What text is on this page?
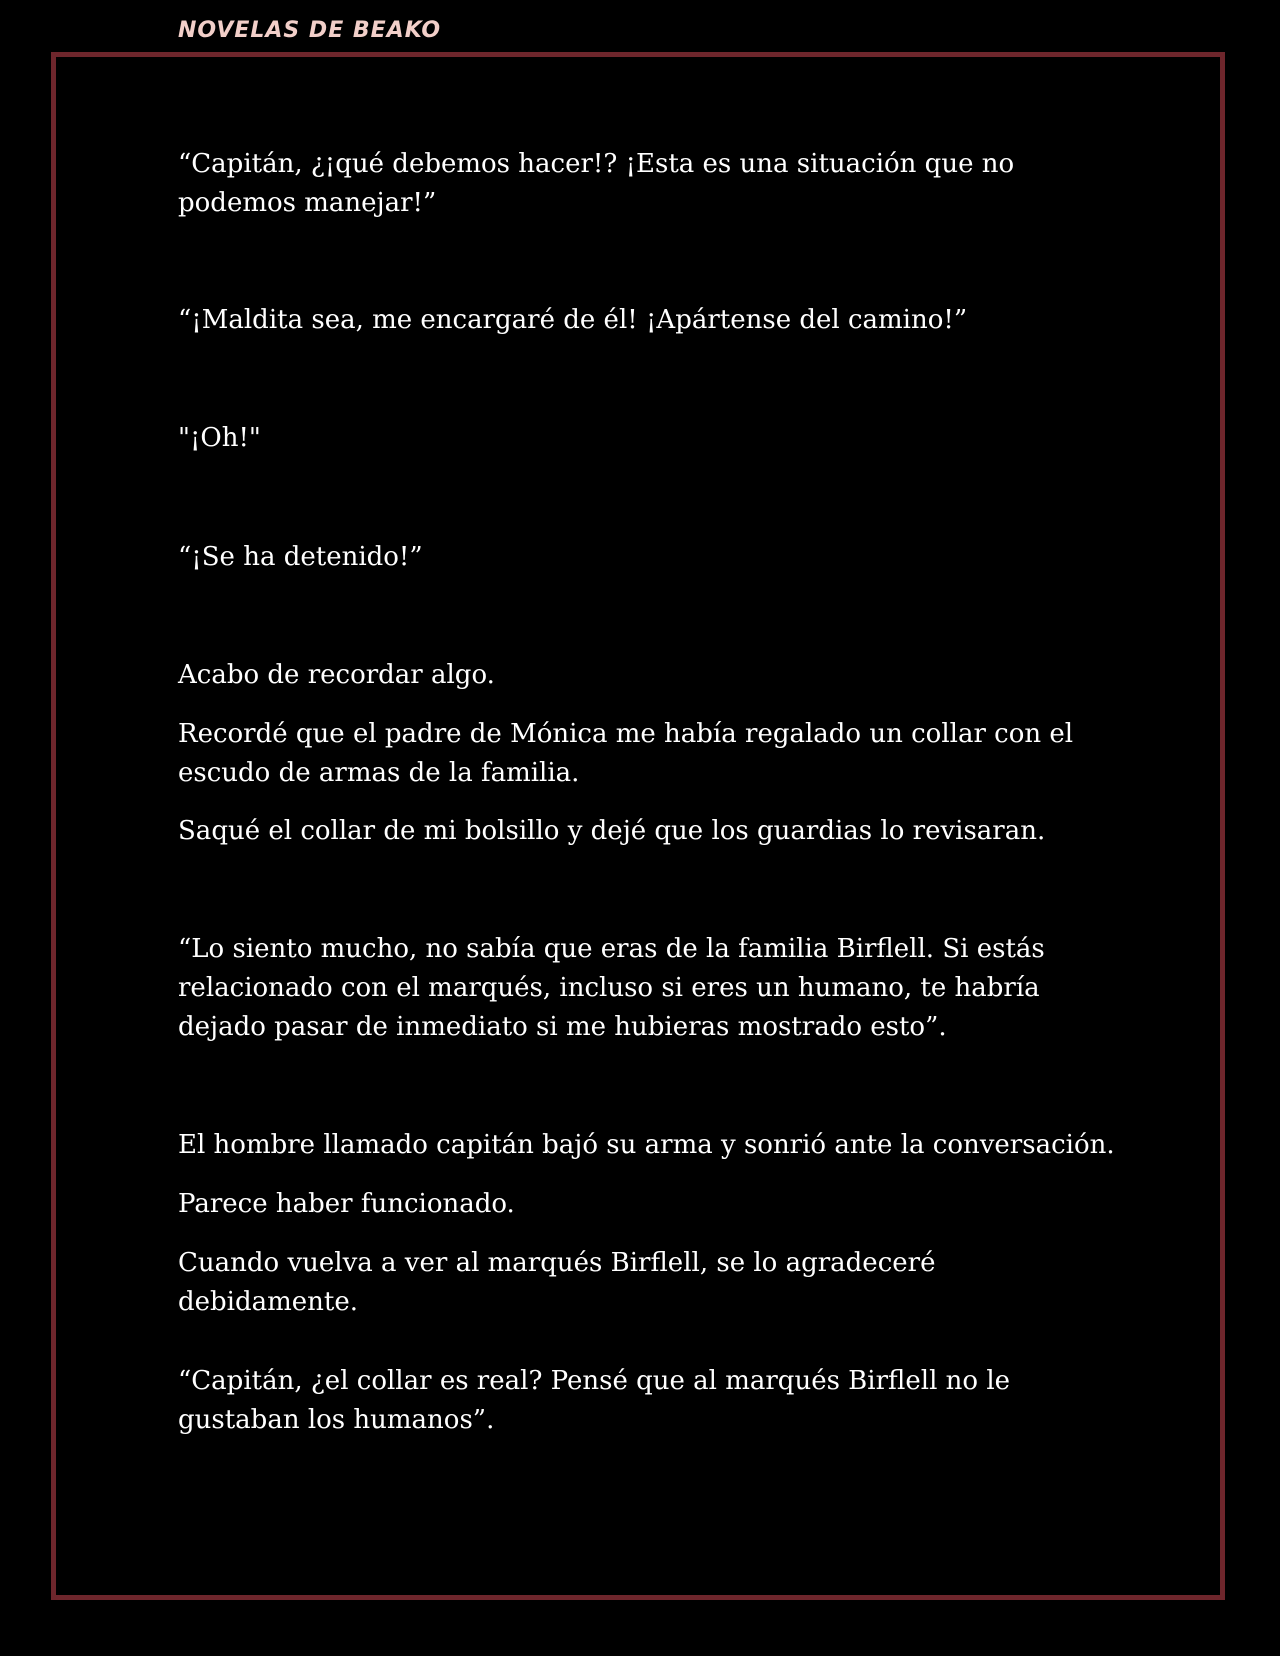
NOVELAS DE BEAKO

“Capitán, ¿¡qué debemos hacer!? ¡Esta es una situación que no podemos manejar!”

“¡Maldita sea, me encargaré de él! ¡Apártense del camino!”

"¡Oh!"

“¡Se ha detenido!”

Acabo de recordar algo.

Recordé que el padre de Mónica me había regalado un collar con el escudo de armas de la familia.

Saqué el collar de mi bolsillo y dejé que los guardias lo revisaran.

“Lo siento mucho, no sabía que eras de la familia Birflell. Si estás relacionado con el marqués, incluso si eres un humano, te habría dejado pasar de inmediato si me hubieras mostrado esto”.

El hombre llamado capitán bajó su arma y sonrió ante la conversación.

Parece haber funcionado.

Cuando vuelva a ver al marqués Birflell, se lo agradeceré debidamente.

“Capitán, ¿el collar es real? Pensé que al marqués Birflell no le gustaban los humanos”.
